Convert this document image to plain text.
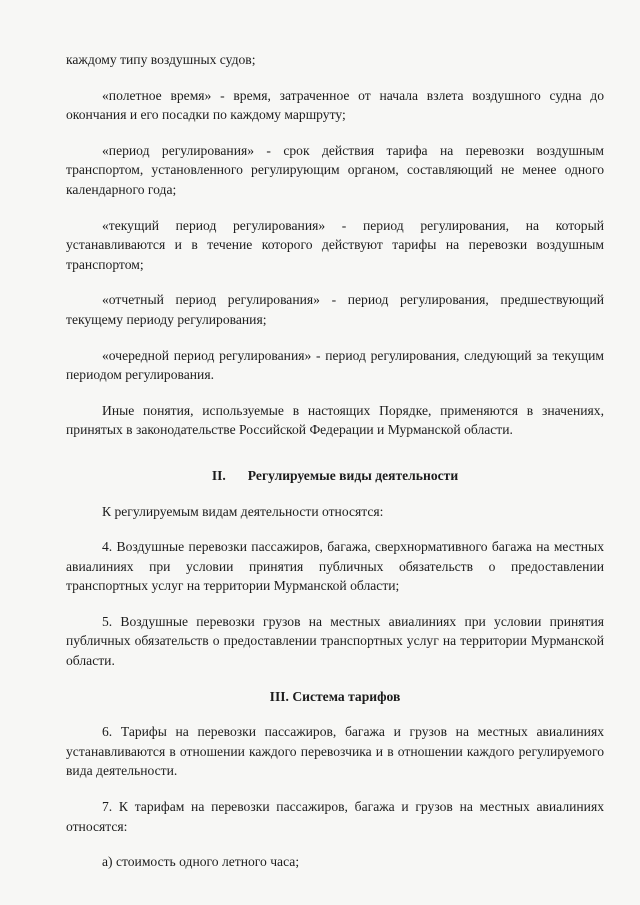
каждому типу воздушных судов;

«полетное время» - время, затраченное от начала взлета воздушного судна до окончания и его посадки по каждому маршруту;

«период регулирования» - срок действия тарифа на перевозки воздушным транспортом, установленного регулирующим органом, составляющий не менее одного календарного года;

«текущий период регулирования» - период регулирования, на который устанавливаются и в течение которого действуют тарифы на перевозки воздушным транспортом;

«отчетный период регулирования» - период регулирования, предшествующий текущему периоду регулирования;

«очередной период регулирования» - период регулирования, следующий за текущим периодом регулирования.

Иные понятия, используемые в настоящих Порядке, применяются в значениях, принятых в законодательстве Российской Федерации и Мурманской области.

II. Регулируемые виды деятельности

К регулируемым видам деятельности относятся:

4. Воздушные перевозки пассажиров, багажа, сверхнормативного багажа на местных авиалиниях при условии принятия публичных обязательств о предоставлении транспортных услуг на территории Мурманской области;

5. Воздушные перевозки грузов на местных авиалиниях при условии принятия публичных обязательств о предоставлении транспортных услуг на территории Мурманской области.

III. Система тарифов

6. Тарифы на перевозки пассажиров, багажа и грузов на местных авиалиниях устанавливаются в отношении каждого перевозчика и в отношении каждого регулируемого вида деятельности.

7. К тарифам на перевозки пассажиров, багажа и грузов на местных авиалиниях относятся:

а) стоимость одного летного часа;
